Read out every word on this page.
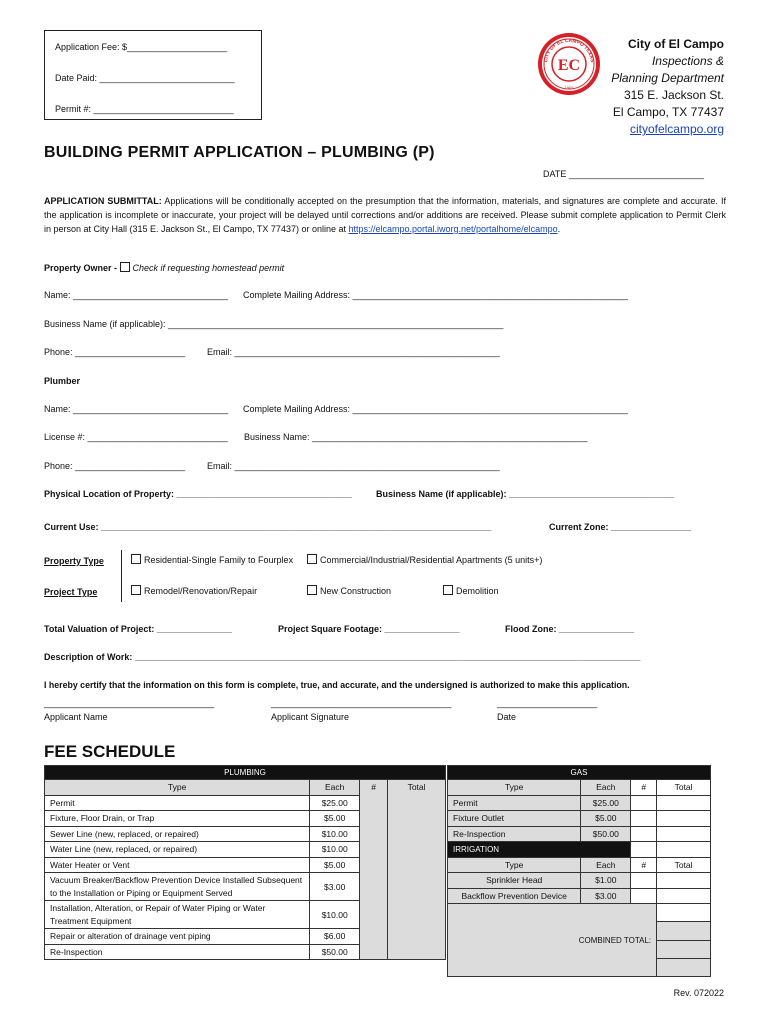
Application Fee: $____________________
Date Paid: ___________________________
Permit #: ____________________________
CITY OF EL CAMPO TEXAS
EC
1905
City of El Campo
Inspections &
Planning Department
315 E. Jackson St.
El Campo, TX 77437
cityofelcampo.org
BUILDING PERMIT APPLICATION – PLUMBING (P)
DATE ___________________________
APPLICATION SUBMITTAL: Applications will be conditionally accepted on the presumption that the information, materials, and signatures are complete and accurate. If the application is incomplete or inaccurate, your project will be delayed until corrections and/or additions are received. Please submit complete application to Permit Clerk in person at City Hall (315 E. Jackson St., El Campo, TX 77437) or online at https://elcampo.portal.iworg.net/portalhome/elcampo.
Property Owner - Check if requesting homestead permit
Name: _______________________________ Complete Mailing Address: _______________________________________________________
Business Name (if applicable): ___________________________________________________________________
Phone: ______________________ Email: _____________________________________________________
Plumber
Name: _______________________________ Complete Mailing Address: _______________________________________________________
License #: ____________________________ Business Name: _______________________________________________________
Phone: ______________________ Email: _____________________________________________________
Physical Location of Property: ___________________________________	Business Name (if applicable): _________________________________
Current Use: ______________________________________________________________________________	Current Zone: ________________
Property Type	Residential-Single Family to Fourplex	Commercial/Industrial/Residential Apartments (5 units+)
Project Type	Remodel/Renovation/Repair	New Construction	Demolition
Total Valuation of Project: _______________	Project Square Footage: _______________	Flood Zone: _______________
Description of Work: _____________________________________________________________________________________________________
I hereby certify that the information on this form is complete, true, and accurate, and the undersigned is authorized to make this application.
__________________________________	____________________________________	____________________
Applicant Name	Applicant Signature	Date
FEE SCHEDULE
PLUMBING			
Type	Each	#	Total
Permit	$25.00		
Fixture, Floor Drain, or Trap	$5.00		
Sewer Line (new, replaced, or repaired)	$10.00		
Water Line (new, replaced, or repaired)	$10.00		
Water Heater or Vent	$5.00		
Vacuum Breaker/Backflow Prevention Device Installed Subsequent to the Installation or Piping or Equipment Served	$3.00		
Installation, Alteration, or Repair of Water Piping or Water Treatment Equipment	$10.00		
Repair or alteration of drainage vent piping	$6.00		
Re-Inspection	$50.00		
GAS			
Type	Each	#	Total
Permit	$25.00		
Fixture Outlet	$5.00		
Re-Inspection	$50.00		
IRRIGATION			
Type	Each	#	Total
Sprinkler Head	$1.00		
Backflow Prevention Device	$3.00		
COMBINED TOTAL:			

Rev. 072022
